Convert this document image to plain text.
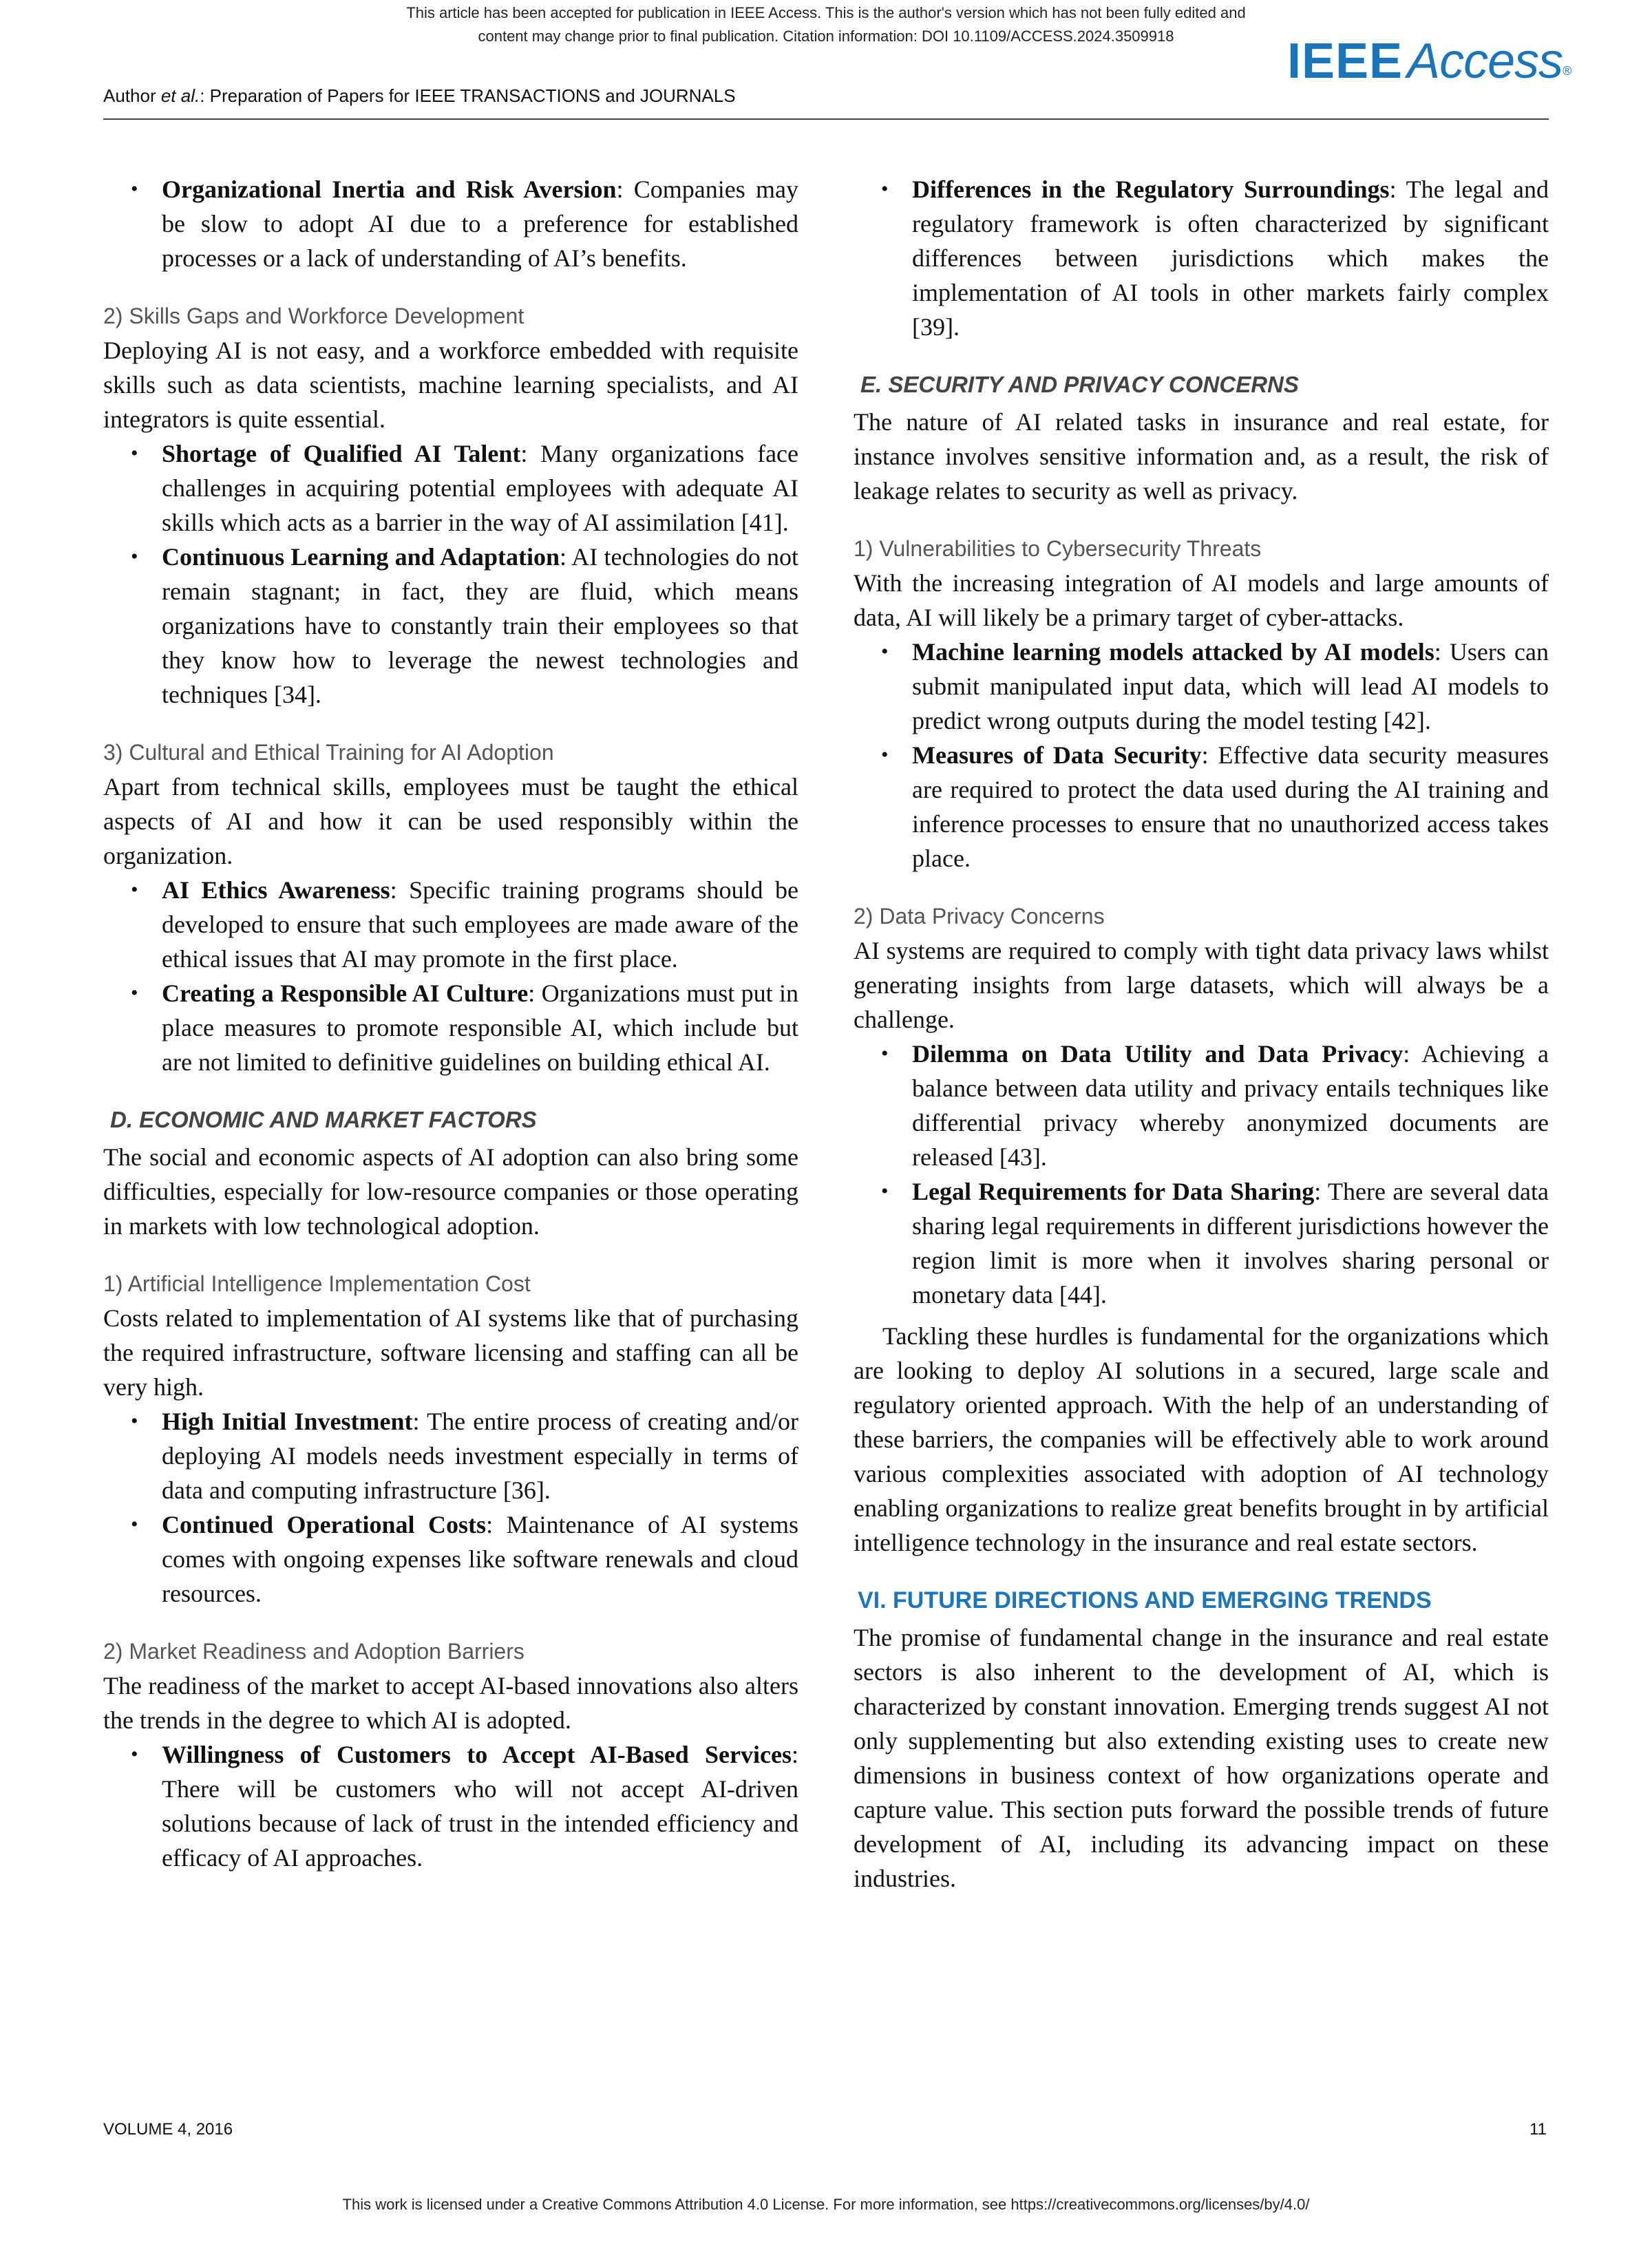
This article has been accepted for publication in IEEE Access. This is the author's version which has not been fully edited and
content may change prior to final publication. Citation information: DOI 10.1109/ACCESS.2024.3509918	IEEEAccess®
Author et al.: Preparation of Papers for IEEE TRANSACTIONS and JOURNALS
• Organizational Inertia and Risk Aversion: Companies may be slow to adopt AI due to a preference for established processes or a lack of understanding of AI’s benefits.
2) Skills Gaps and Workforce Development

Deploying AI is not easy, and a workforce embedded with requisite skills such as data scientists, machine learning specialists, and AI integrators is quite essential.

• Shortage of Qualified AI Talent: Many organizations face challenges in acquiring potential employees with adequate AI skills which acts as a barrier in the way of AI assimilation [41].
• Continuous Learning and Adaptation: AI technologies do not remain stagnant; in fact, they are fluid, which means organizations have to constantly train their employees so that they know how to leverage the newest technologies and techniques [34].
3) Cultural and Ethical Training for AI Adoption

Apart from technical skills, employees must be taught the ethical aspects of AI and how it can be used responsibly within the organization.

• AI Ethics Awareness: Specific training programs should be developed to ensure that such employees are made aware of the ethical issues that AI may promote in the first place.
• Creating a Responsible AI Culture: Organizations must put in place measures to promote responsible AI, which include but are not limited to definitive guidelines on building ethical AI.
D. ECONOMIC AND MARKET FACTORS

The social and economic aspects of AI adoption can also bring some difficulties, especially for low-resource companies or those operating in markets with low technological adoption.

1) Artificial Intelligence Implementation Cost

Costs related to implementation of AI systems like that of purchasing the required infrastructure, software licensing and staffing can all be very high.

• High Initial Investment: The entire process of creating and/or deploying AI models needs investment especially in terms of data and computing infrastructure [36].
• Continued Operational Costs: Maintenance of AI systems comes with ongoing expenses like software renewals and cloud resources.
2) Market Readiness and Adoption Barriers

The readiness of the market to accept AI-based innovations also alters the trends in the degree to which AI is adopted.

• Willingness of Customers to Accept AI-Based Services: There will be customers who will not accept AI-driven solutions because of lack of trust in the intended efficiency and efficacy of AI approaches.
• Differences in the Regulatory Surroundings: The legal and regulatory framework is often characterized by significant differences between jurisdictions which makes the implementation of AI tools in other markets fairly complex [39].
E. SECURITY AND PRIVACY CONCERNS

The nature of AI related tasks in insurance and real estate, for instance involves sensitive information and, as a result, the risk of leakage relates to security as well as privacy.

1) Vulnerabilities to Cybersecurity Threats

With the increasing integration of AI models and large amounts of data, AI will likely be a primary target of cyber-attacks.

• Machine learning models attacked by AI models: Users can submit manipulated input data, which will lead AI models to predict wrong outputs during the model testing [42].
• Measures of Data Security: Effective data security measures are required to protect the data used during the AI training and inference processes to ensure that no unauthorized access takes place.
2) Data Privacy Concerns

AI systems are required to comply with tight data privacy laws whilst generating insights from large datasets, which will always be a challenge.

• Dilemma on Data Utility and Data Privacy: Achieving a balance between data utility and privacy entails techniques like differential privacy whereby anonymized documents are released [43].
• Legal Requirements for Data Sharing: There are several data sharing legal requirements in different jurisdictions however the region limit is more when it involves sharing personal or monetary data [44].

Tackling these hurdles is fundamental for the organizations which are looking to deploy AI solutions in a secured, large scale and regulatory oriented approach. With the help of an understanding of these barriers, the companies will be effectively able to work around various complexities associated with adoption of AI technology enabling organizations to realize great benefits brought in by artificial intelligence technology in the insurance and real estate sectors.

VI. FUTURE DIRECTIONS AND EMERGING TRENDS

The promise of fundamental change in the insurance and real estate sectors is also inherent to the development of AI, which is characterized by constant innovation. Emerging trends suggest AI not only supplementing but also extending existing uses to create new dimensions in business context of how organizations operate and capture value. This section puts forward the possible trends of future development of AI, including its advancing impact on these industries.

VOLUME 4, 2016	11
This work is licensed under a Creative Commons Attribution 4.0 License. For more information, see https://creativecommons.org/licenses/by/4.0/
